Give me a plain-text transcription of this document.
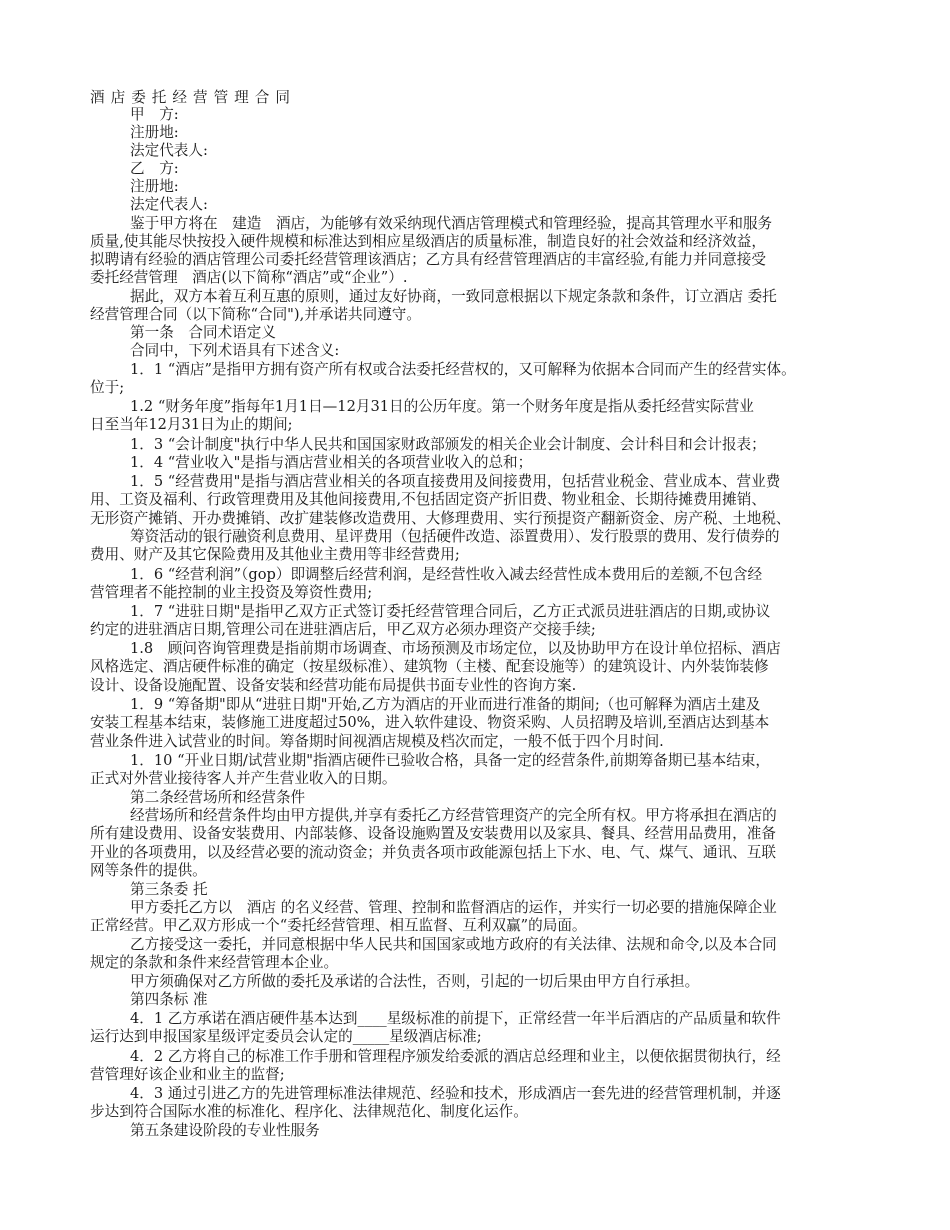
酒店委托经营管理合同
甲　方:
注册地:
法定代表人:
乙　方:
注册地:
法定代表人:
鉴于甲方将在　建造　酒店，为能够有效采纳现代酒店管理模式和管理经验，提高其管理水平和服务
质量,使其能尽快按投入硬件规模和标准达到相应星级酒店的质量标准，制造良好的社会效益和经济效益，
拟聘请有经验的酒店管理公司委托经营管理该酒店；乙方具有经营管理酒店的丰富经验,有能力并同意接受
委托经营管理　酒店(以下简称“酒店”或“企业”）.
据此，双方本着互利互惠的原则，通过友好协商，一致同意根据以下规定条款和条件，订立酒店 委托
经营管理合同（以下简称“合同"),并承诺共同遵守。
第一条　合同术语定义
合同中，下列术语具有下述含义:
1．1 “酒店”是指甲方拥有资产所有权或合法委托经营权的，又可解释为依据本合同而产生的经营实体。
位于;
1.2 “财务年度”指每年1月1日—12月31日的公历年度。第一个财务年度是指从委托经营实际营业
日至当年12月31日为止的期间;
1．3 “会计制度"执行中华人民共和国国家财政部颁发的相关企业会计制度、会计科目和会计报表；
1．4 “营业收入"是指与酒店营业相关的各项营业收入的总和；
1．5 “经营费用"是指与酒店营业相关的各项直接费用及间接费用，包括营业税金、营业成本、营业费
用、工资及福利、行政管理费用及其他间接费用,不包括固定资产折旧费、物业租金、长期待摊费用摊销、
无形资产摊销、开办费摊销、改扩建装修改造费用、大修理费用、实行预提资产翻新资金、房产税、土地税、
筹资活动的银行融资利息费用、星评费用（包括硬件改造、添置费用）、发行股票的费用、发行债券的
费用、财产及其它保险费用及其他业主费用等非经营费用;
1．6 “经营利润”（gop）即调整后经营利润，是经营性收入减去经营性成本费用后的差额,不包含经
营管理者不能控制的业主投资及筹资性费用;
1．7 “进驻日期"是指甲乙双方正式签订委托经营管理合同后，乙方正式派员进驻酒店的日期,或协议
约定的进驻酒店日期,管理公司在进驻酒店后，甲乙双方必须办理资产交接手续;
1.8　顾问咨询管理费是指前期市场调查、市场预测及市场定位，以及协助甲方在设计单位招标、酒店
风格选定、酒店硬件标准的确定（按星级标准）、建筑物（主楼、配套设施等）的建筑设计、内外装饰装修
设计、设备设施配置、设备安装和经营功能布局提供书面专业性的咨询方案.
1．9 “筹备期"即从“进驻日期"开始,乙方为酒店的开业而进行准备的期间;（也可解释为酒店土建及
安装工程基本结束，装修施工进度超过50%，进入软件建设、物资采购、人员招聘及培训,至酒店达到基本
营业条件进入试营业的时间。筹备期时间视酒店规模及档次而定，一般不低于四个月时间.
1．10 “开业日期/试营业期"指酒店硬件已验收合格，具备一定的经营条件,前期筹备期已基本结束，
正式对外营业接待客人并产生营业收入的日期。
第二条经营场所和经营条件
经营场所和经营条件均由甲方提供,并享有委托乙方经营管理资产的完全所有权。甲方将承担在酒店的
所有建设费用、设备安装费用、内部装修、设备设施购置及安装费用以及家具、餐具、经营用品费用，准备
开业的各项费用，以及经营必要的流动资金；并负责各项市政能源包括上下水、电、气、煤气、通讯、互联
网等条件的提供。
第三条委 托
甲方委托乙方以　酒店 的名义经营、管理、控制和监督酒店的运作，并实行一切必要的措施保障企业
正常经营。甲乙双方形成一个“委托经营管理、相互监督、互利双赢”的局面。
乙方接受这一委托，并同意根据中华人民共和国国家或地方政府的有关法律、法规和命令,以及本合同
规定的条款和条件来经营管理本企业。
甲方须确保对乙方所做的委托及承诺的合法性，否则，引起的一切后果由甲方自行承担。
第四条标 准
4．1 乙方承诺在酒店硬件基本达到____星级标准的前提下，正常经营一年半后酒店的产品质量和软件
运行达到申报国家星级评定委员会认定的_____星级酒店标准;
4．2 乙方将自己的标准工作手册和管理程序颁发给委派的酒店总经理和业主，以便依据贯彻执行，经
营管理好该企业和业主的监督;
4．3 通过引进乙方的先进管理标准法律规范、经验和技术，形成酒店一套先进的经营管理机制，并逐
步达到符合国际水准的标准化、程序化、法律规范化、制度化运作。
第五条建设阶段的专业性服务
